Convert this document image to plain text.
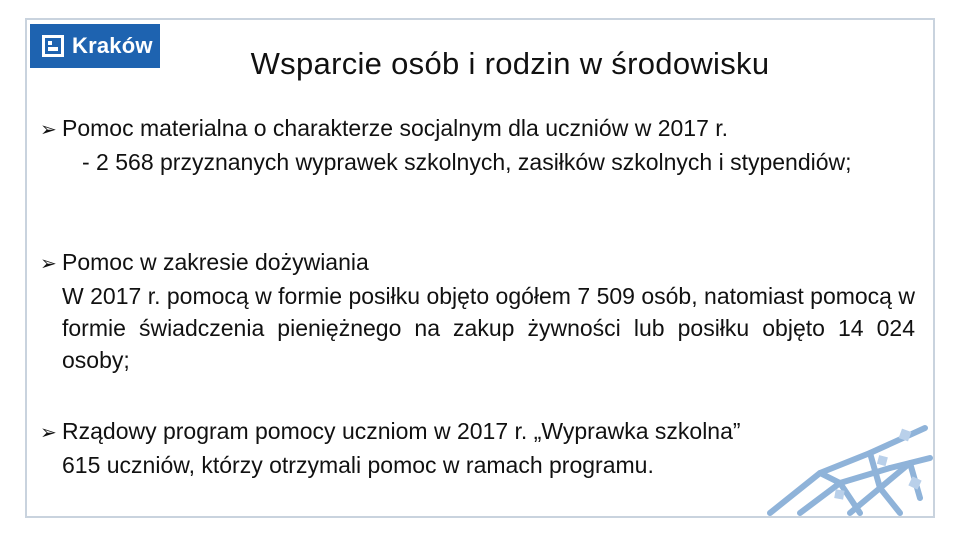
Kraków
Wsparcie osób i rodzin w środowisku
➢ Pomoc materialna o charakterze socjalnym dla uczniów w 2017 r.
- 2 568 przyznanych wyprawek szkolnych, zasiłków szkolnych i stypendiów;
➢ Pomoc w zakresie dożywiania
W 2017 r. pomocą w formie posiłku objęto ogółem 7 509 osób, natomiast pomocą w formie świadczenia pieniężnego na zakup żywności lub posiłku objęto 14 024 osoby;
➢ Rządowy program pomocy uczniom w 2017 r. „Wyprawka szkolna”
615 uczniów, którzy otrzymali pomoc w ramach programu.
